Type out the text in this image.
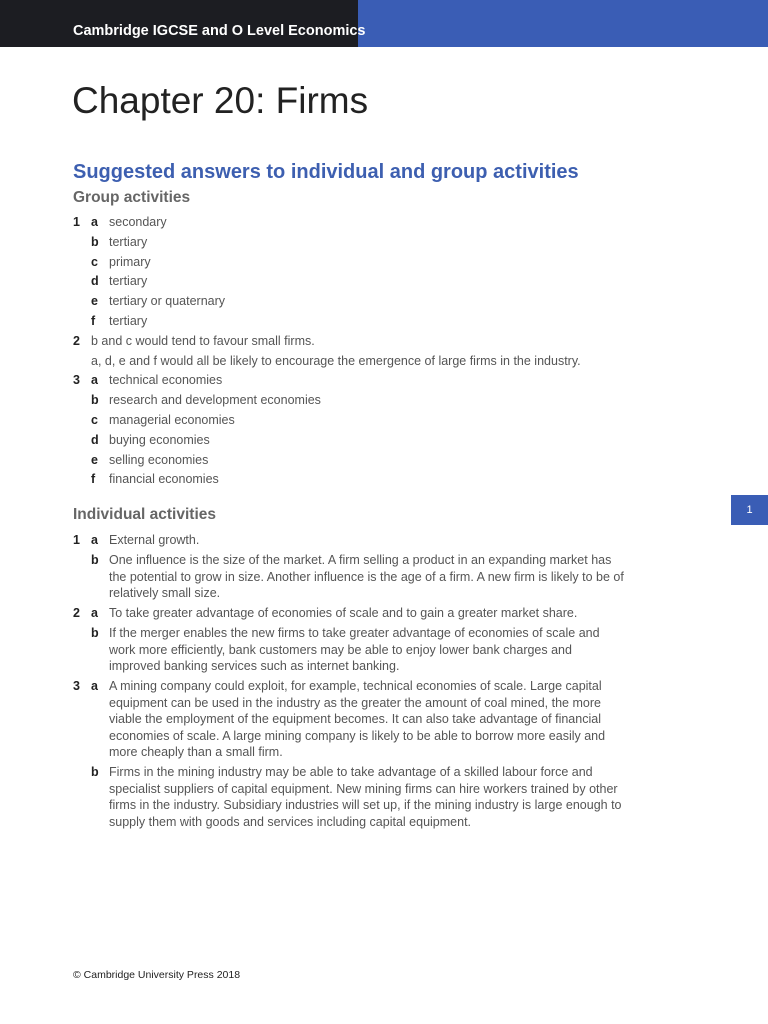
Cambridge IGCSE and O Level Economics
Chapter 20: Firms
Suggested answers to individual and group activities
Group activities
1 a secondary
b tertiary
c primary
d tertiary
e tertiary or quaternary
f tertiary
2 b and c would tend to favour small firms.
a, d, e and f would all be likely to encourage the emergence of large firms in the industry.
3 a technical economies
b research and development economies
c managerial economies
d buying economies
e selling economies
f financial economies
Individual activities
1 a External growth.
b One influence is the size of the market. A firm selling a product in an expanding market has the potential to grow in size. Another influence is the age of a firm. A new firm is likely to be of relatively small size.
2 a To take greater advantage of economies of scale and to gain a greater market share.
b If the merger enables the new firms to take greater advantage of economies of scale and work more efficiently, bank customers may be able to enjoy lower bank charges and improved banking services such as internet banking.
3 a A mining company could exploit, for example, technical economies of scale. Large capital equipment can be used in the industry as the greater the amount of coal mined, the more viable the employment of the equipment becomes. It can also take advantage of financial economies of scale. A large mining company is likely to be able to borrow more easily and more cheaply than a small firm.
b Firms in the mining industry may be able to take advantage of a skilled labour force and specialist suppliers of capital equipment. New mining firms can hire workers trained by other firms in the industry. Subsidiary industries will set up, if the mining industry is large enough to supply them with goods and services including capital equipment.
1
© Cambridge University Press 2018
